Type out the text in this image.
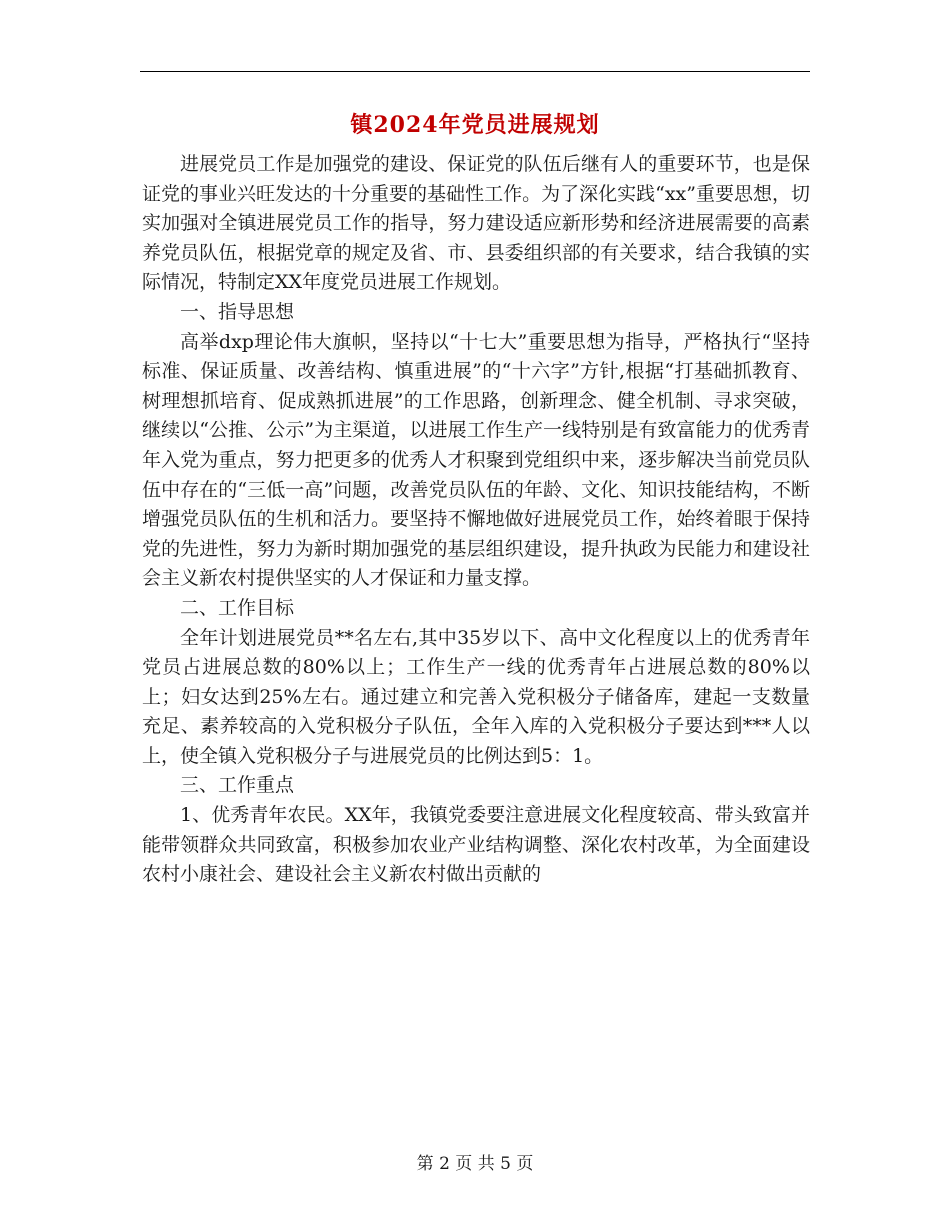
镇2024年党员进展规划

进展党员工作是加强党的建设、保证党的队伍后继有人的重要环节，也是保证党的事业兴旺发达的十分重要的基础性工作。为了深化实践“xx”重要思想，切实加强对全镇进展党员工作的指导，努力建设适应新形势和经济进展需要的高素养党员队伍，根据党章的规定及省、市、县委组织部的有关要求，结合我镇的实际情况，特制定XX年度党员进展工作规划。

一、指导思想

高举dxp理论伟大旗帜，坚持以“十七大”重要思想为指导，严格执行“坚持标准、保证质量、改善结构、慎重进展”的“十六字”方针,根据“打基础抓教育、树理想抓培育、促成熟抓进展”的工作思路，创新理念、健全机制、寻求突破，继续以“公推、公示”为主渠道，以进展工作生产一线特别是有致富能力的优秀青年入党为重点，努力把更多的优秀人才积聚到党组织中来，逐步解决当前党员队伍中存在的“三低一高”问题，改善党员队伍的年龄、文化、知识技能结构，不断增强党员队伍的生机和活力。要坚持不懈地做好进展党员工作，始终着眼于保持党的先进性，努力为新时期加强党的基层组织建设，提升执政为民能力和建设社会主义新农村提供坚实的人才保证和力量支撑。

二、工作目标

全年计划进展党员**名左右,其中35岁以下、高中文化程度以上的优秀青年党员占进展总数的80%以上；工作生产一线的优秀青年占进展总数的80%以上；妇女达到25%左右。通过建立和完善入党积极分子储备库，建起一支数量充足、素养较高的入党积极分子队伍，全年入库的入党积极分子要达到***人以上，使全镇入党积极分子与进展党员的比例达到5：1。

三、工作重点

1、优秀青年农民。XX年，我镇党委要注意进展文化程度较高、带头致富并能带领群众共同致富，积极参加农业产业结构调整、深化农村改革，为全面建设农村小康社会、建设社会主义新农村做出贡献的

第 2 页 共 5 页
